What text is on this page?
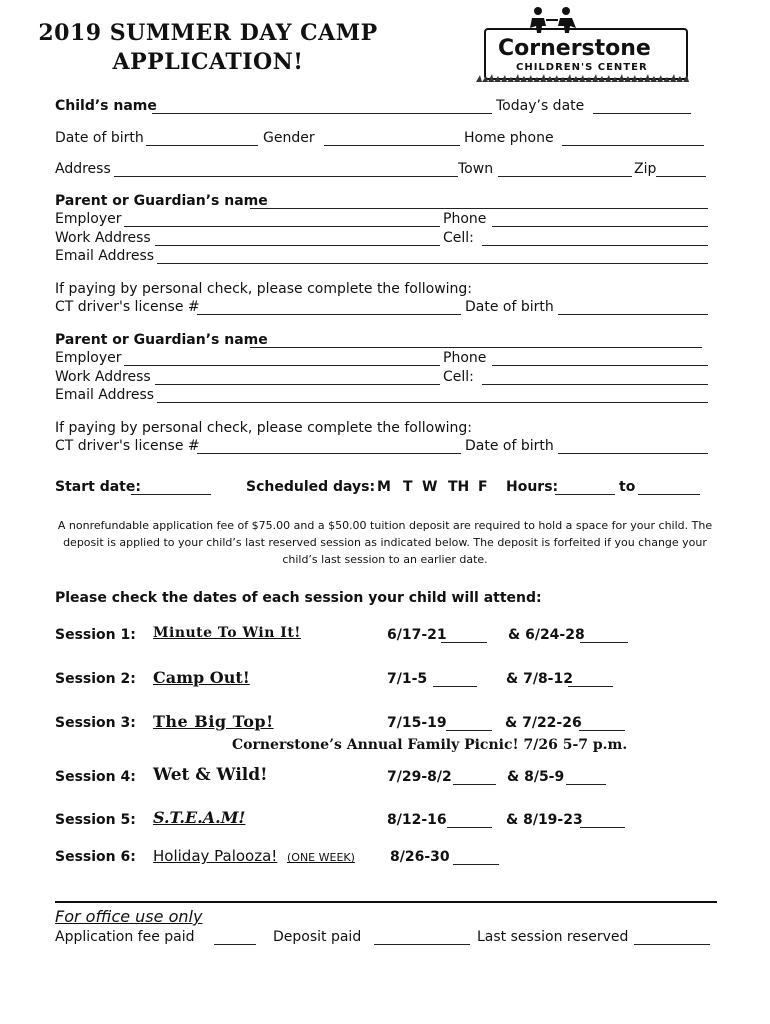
2019 SUMMER DAY CAMP
APPLICATION!
Cornerstone
CHILDREN'S CENTER
Child’s name	Today’s date
Date of birth	Gender	Home phone
Address	Town	Zip
Parent or Guardian’s name
Employer	Phone
Work Address	Cell:
Email Address
If paying by personal check, please complete the following:
CT driver's license #	Date of birth
Parent or Guardian’s name
Employer	Phone
Work Address	Cell:
Email Address
If paying by personal check, please complete the following:
CT driver's license #	Date of birth
Start date:	Scheduled days: M T W TH F Hours:	to
A nonrefundable application fee of $75.00 and a $50.00 tuition deposit are required to hold a space for your child. The deposit is applied to your child’s last reserved session as indicated below. The deposit is forfeited if you change your child’s last session to an earlier date.
Please check the dates of each session your child will attend:
Session 1: Minute To Win It!	6/17-21	& 6/24-28
Session 2: Camp Out!	7/1-5	& 7/8-12
Session 3: The Big Top!	7/15-19	& 7/22-26
Cornerstone’s Annual Family Picnic! 7/26 5-7 p.m.
Session 4: Wet & Wild!	7/29-8/2	& 8/5-9
Session 5: S.T.E.A.M!	8/12-16	& 8/19-23
Session 6: Holiday Palooza! (ONE WEEK)	8/26-30
For office use only
Application fee paid	Deposit paid	Last session reserved
